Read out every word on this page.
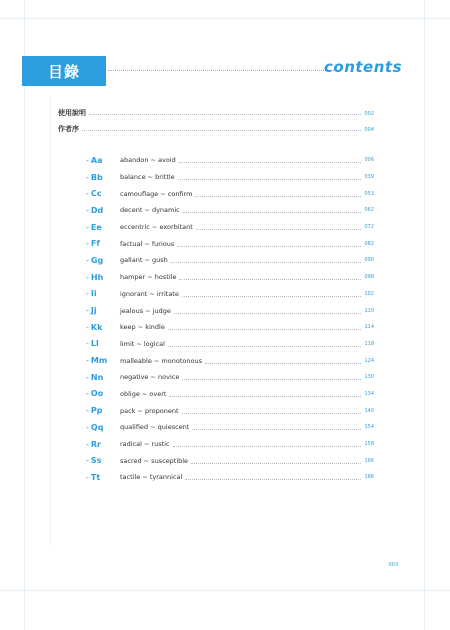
目錄	contents
使用說明	002
作者序	004
- Aa	abandon ~ avoid	006
- Bb	balance ~ brittle	039
- Cc	camouflage ~ confirm	053
- Dd	decent ~ dynamic	062
- Ee	eccentric ~ exorbitant	072
- Ff	factual ~ furious	082
- Gg	gallant ~ gush	090
- Hh	hamper ~ hostile	098
- Ii	ignorant ~ irritate	102
- Jj	jealous ~ judge	110
- Kk	keep ~ kindle	114
- Ll	limit ~ logical	118
- Mm	malleable ~ monotonous	124
- Nn	negative ~ novice	130
- Oo	oblige ~ overt	134
- Pp	pack ~ proponent	140
- Qq	qualified ~ quiescent	154
- Rr	radical ~ rustic	158
- Ss	sacred ~ susceptible	166
- Tt	tactile ~ tyrannical	186
003
